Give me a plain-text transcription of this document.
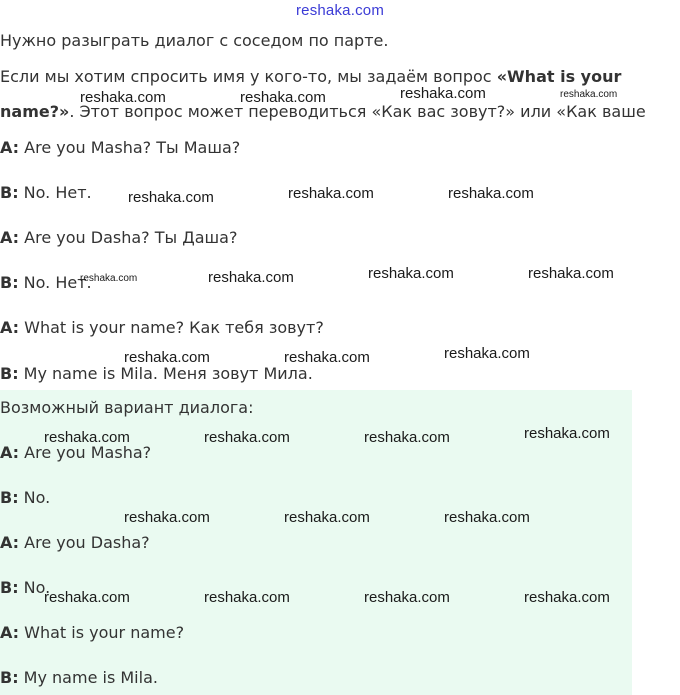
reshaka.com
Нужно разыграть диалог с соседом по парте.
Если мы хотим спросить имя у кого-то, мы задаём вопрос «What is your
name?». Этот вопрос может переводиться «Как вас зовут?» или «Как ваше
A: Are you Masha? Ты Маша?
B: No. Нет.
A: Are you Dasha? Ты Даша?
B: No. Нет.
A: What is your name? Как тебя зовут?
B: My name is Mila. Меня зовут Мила.
Возможный вариант диалога:
A: Are you Masha?
B: No.
A: Are you Dasha?
B: No.
A: What is your name?
B: My name is Mila.
reshaka.com	reshaka.com	reshaka.com	reshaka.com
reshaka.com	reshaka.com	reshaka.com
reshaka.com	reshaka.com	reshaka.com	reshaka.com
reshaka.com	reshaka.com	reshaka.com
reshaka.com	reshaka.com	reshaka.com	reshaka.com
reshaka.com	reshaka.com	reshaka.com
reshaka.com	reshaka.com	reshaka.com	reshaka.com
